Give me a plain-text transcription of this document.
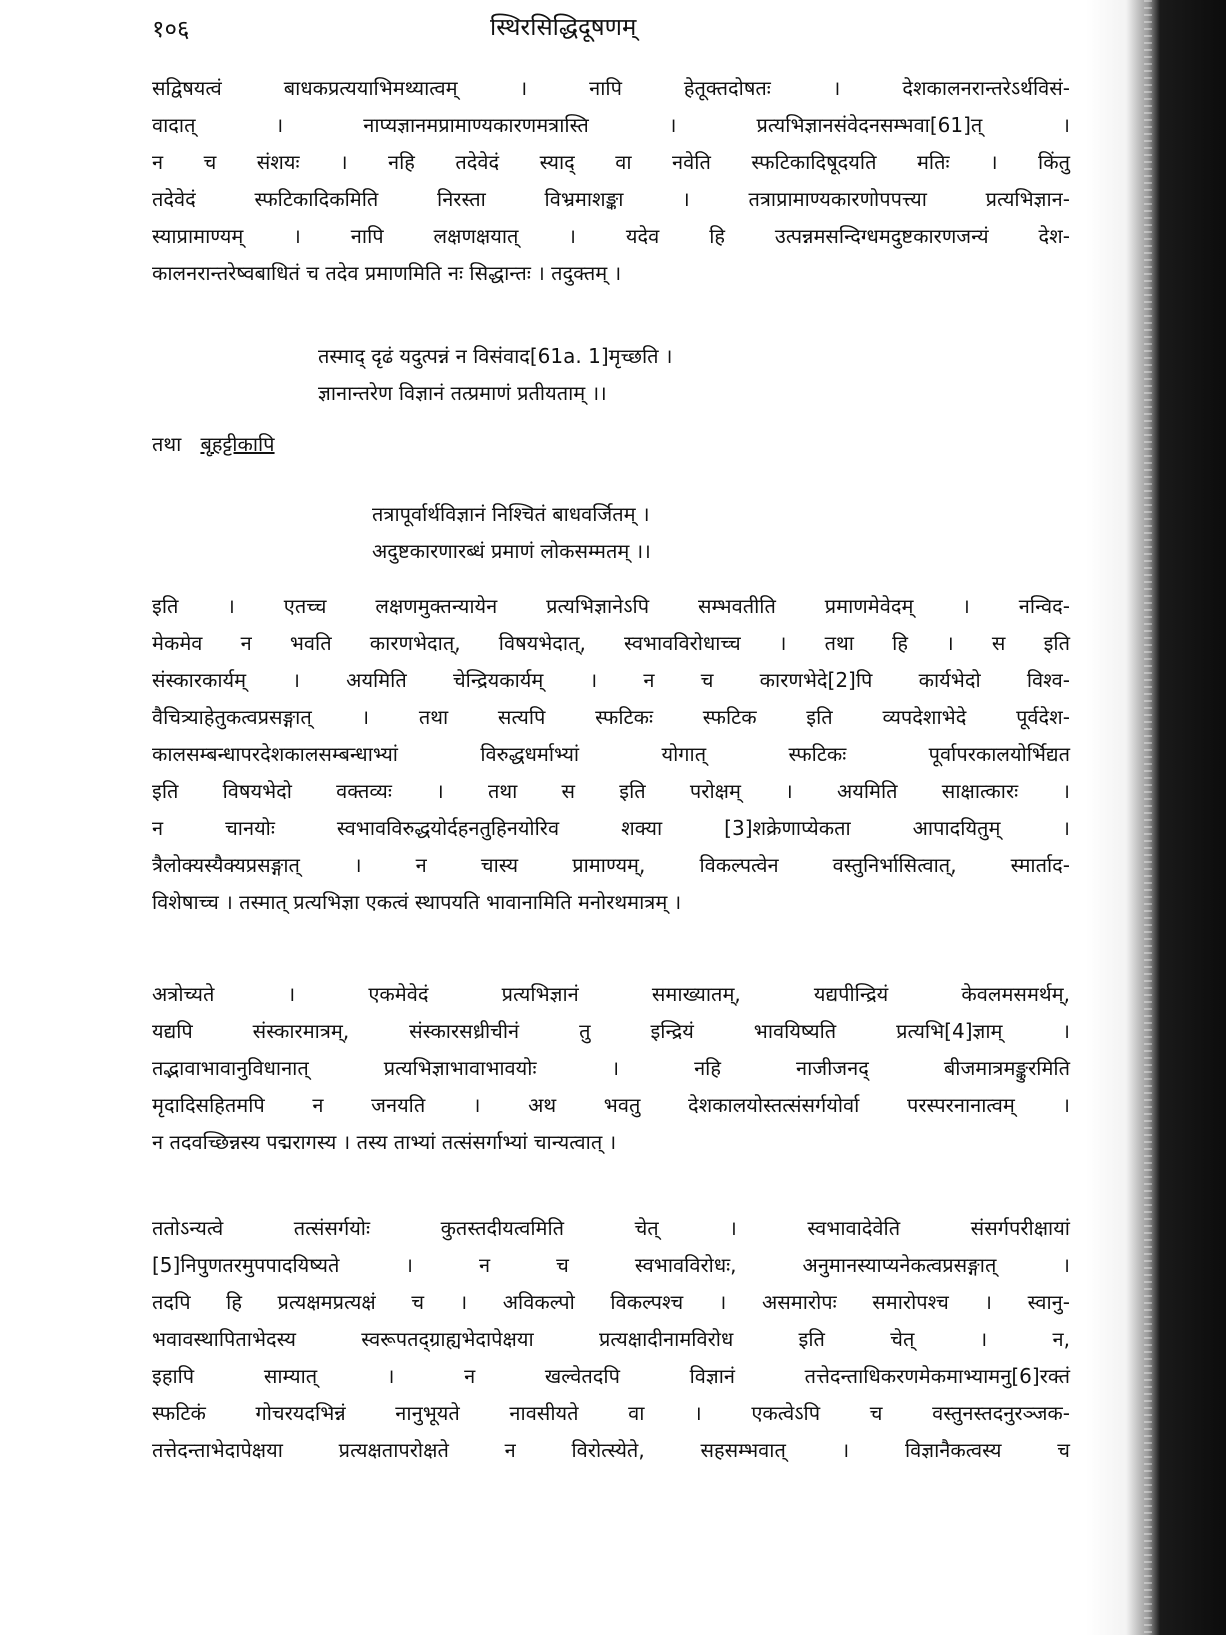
१०६	स्थिरसिद्धिदूषणम्
सद्विषयत्वं बाधकप्रत्ययाभिमथ्यात्वम् । नापि हेतूक्तदोषतः । देशकालनरान्तरेऽर्थविसं-
वादात् । नाप्यज्ञानमप्रामाण्यकारणमत्रास्ति । प्रत्यभिज्ञानसंवेदनसम्भवा[61]त् ।
न च संशयः । नहि तदेवेदं स्याद् वा नवेति स्फटिकादिषूदयति मतिः । किंतु
तदेवेदं स्फटिकादिकमिति निरस्ता विभ्रमाशङ्का । तत्राप्रामाण्यकारणोपपत्त्या प्रत्यभिज्ञान-
स्याप्रामाण्यम् । नापि लक्षणक्षयात् । यदेव हि उत्पन्नमसन्दिग्धमदुष्टकारणजन्यं देश-
कालनरान्तरेष्वबाधितं च तदेव प्रमाणमिति नः सिद्धान्तः । तदुक्तम् ।
तस्माद् दृढं यदुत्पन्नं न विसंवाद[61a. 1]मृच्छति ।
ज्ञानान्तरेण विज्ञानं तत्प्रमाणं प्रतीयताम् ।।
तथा बृहट्टीकापि
तत्रापूर्वार्थविज्ञानं निश्चितं बाधवर्जितम् ।
अदुष्टकारणारब्धं प्रमाणं लोकसम्मतम् ।।
इति । एतच्च लक्षणमुक्तन्यायेन प्रत्यभिज्ञानेऽपि सम्भवतीति प्रमाणमेवेदम् । नन्विद-
मेकमेव न भवति कारणभेदात्, विषयभेदात्, स्वभावविरोधाच्च । तथा हि । स इति
संस्कारकार्यम् । अयमिति चेन्द्रियकार्यम् । न च कारणभेदे[2]पि कार्यभेदो विश्व-
वैचित्र्याहेतुकत्वप्रसङ्गात् । तथा सत्यपि स्फटिकः स्फटिक इति व्यपदेशाभेदे पूर्वदेश-
कालसम्बन्धापरदेशकालसम्बन्धाभ्यां विरुद्धधर्माभ्यां योगात् स्फटिकः पूर्वापरकालयोर्भिद्यत
इति विषयभेदो वक्तव्यः । तथा स इति परोक्षम् । अयमिति साक्षात्कारः ।
न चानयोः स्वभावविरुद्धयोर्दहनतुहिनयोरिव शक्या [3]शक्रेणाप्येकता आपादयितुम् ।
त्रैलोक्यस्यैक्यप्रसङ्गात् । न चास्य प्रामाण्यम्, विकल्पत्वेन वस्तुनिर्भासित्वात्, स्मार्ताद-
विशेषाच्च । तस्मात् प्रत्यभिज्ञा एकत्वं स्थापयति भावानामिति मनोरथमात्रम् ।
अत्रोच्यते । एकमेवेदं प्रत्यभिज्ञानं समाख्यातम्, यद्यपीन्द्रियं केवलमसमर्थम्,
यद्यपि संस्कारमात्रम्, संस्कारसध्रीचीनं तु इन्द्रियं भावयिष्यति प्रत्यभि[4]ज्ञाम् ।
तद्भावाभावानुविधानात् प्रत्यभिज्ञाभावाभावयोः । नहि नाजीजनद् बीजमात्रमङ्कुरमिति
मृदादिसहितमपि न जनयति । अथ भवतु देशकालयोस्तत्संसर्गयोर्वा परस्परनानात्वम् ।
न तदवच्छिन्नस्य पद्मरागस्य । तस्य ताभ्यां तत्संसर्गाभ्यां चान्यत्वात् ।
ततोऽन्यत्वे तत्संसर्गयोः कुतस्तदीयत्वमिति चेत् । स्वभावादेवेति संसर्गपरीक्षायां
[5]निपुणतरमुपपादयिष्यते । न च स्वभावविरोधः, अनुमानस्याप्यनेकत्वप्रसङ्गात् ।
तदपि हि प्रत्यक्षमप्रत्यक्षं च । अविकल्पो विकल्पश्च । असमारोपः समारोपश्च । स्वानु-
भवावस्थापिताभेदस्य स्वरूपतद्ग्राह्यभेदापेक्षया प्रत्यक्षादीनामविरोध इति चेत् । न,
इहापि साम्यात् । न खल्वेतदपि विज्ञानं तत्तेदन्ताधिकरणमेकमाभ्यामनु[6]रक्तं
स्फटिकं गोचरयदभिन्नं नानुभूयते नावसीयते वा । एकत्वेऽपि च वस्तुनस्तदनुरञ्जक-
तत्तेदन्ताभेदापेक्षया प्रत्यक्षतापरोक्षते न विरोत्स्येते, सहसम्भवात् । विज्ञानैकत्वस्य च
